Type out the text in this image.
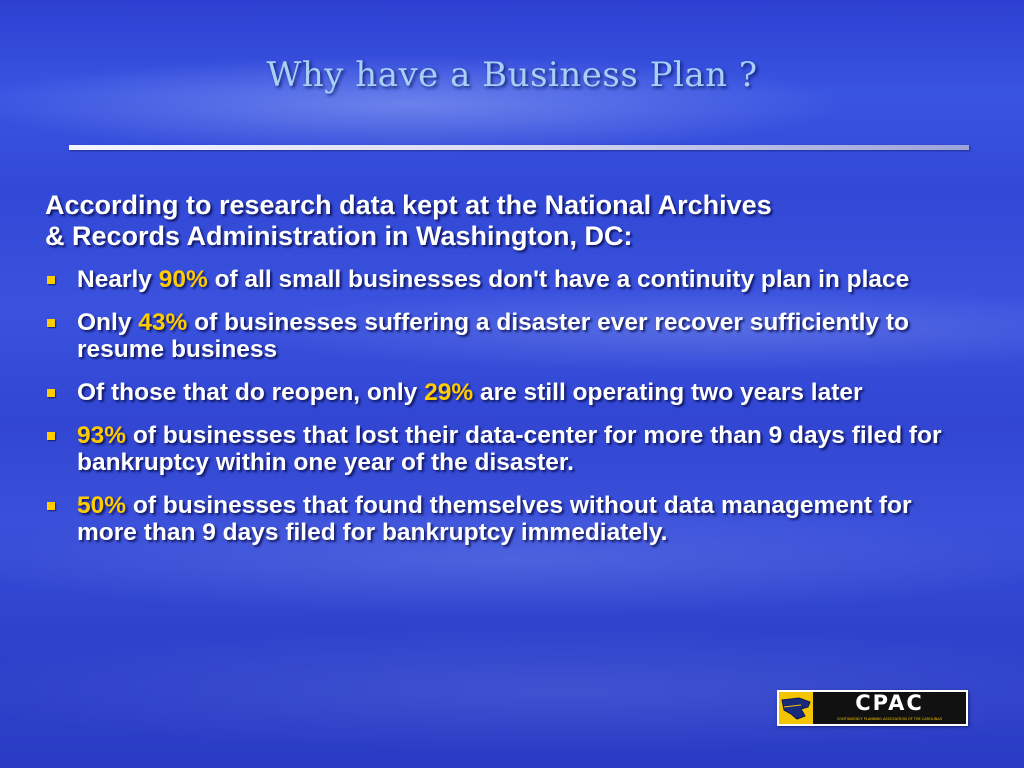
Why have a Business Plan ?
According to research data kept at the National Archives
& Records Administration in Washington, DC:
Nearly 90% of all small businesses don't have a continuity plan in place
Only 43% of businesses suffering a disaster ever recover sufficiently to resume business
Of those that do reopen, only 29% are still operating two years later
93% of businesses that lost their data-center for more than 9 days filed for bankruptcy within one year of the disaster.
50% of businesses that found themselves without data management for more than 9 days filed for bankruptcy immediately.
CPAC
CONTINGENCY PLANNING ASSOCIATION OF THE CAROLINAS
